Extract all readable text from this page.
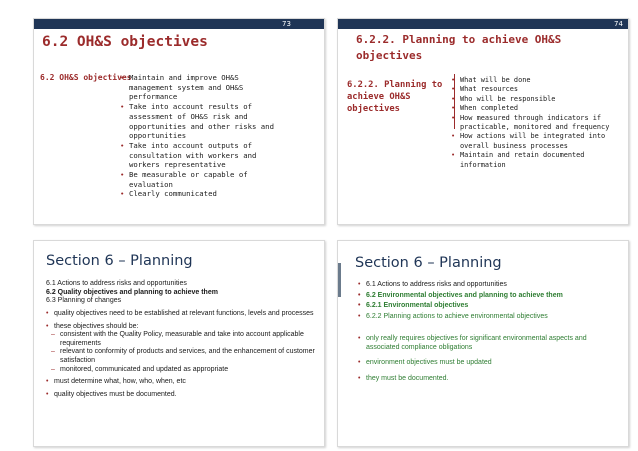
73
6.2 OH&S objectives
6.2 OH&S objectives
• Maintain and improve OH&S management system and OH&S performance
• Take into account results of assessment of OH&S risk and opportunities and other risks and opportunities
• Take into account outputs of consultation with workers and workers representative
• Be measurable or capable of evaluation
• Clearly communicated
74
6.2.2. Planning to achieve OH&S
objectives
6.2.2. Planning to achieve OH&S objectives
• What will be done
• What resources
• Who will be responsible
• When completed
• How measured through indicators if practicable, monitored and frequency
• How actions will be integrated into overall business processes
• Maintain and retain documented information
Section 6 – Planning
6.1 Actions to address risks and opportunities
6.2 Quality objectives and planning to achieve them
6.3 Planning of changes
• quality objectives need to be established at relevant functions, levels and processes
• these objectives should be:
– consistent with the Quality Policy, measurable and take into account applicable requirements
– relevant to conformity of products and services, and the enhancement of customer satisfaction
– monitored, communicated and updated as appropriate
• must determine what, how, who, when, etc
• quality objectives must be documented.
Section 6 – Planning
• 6.1 Actions to address risks and opportunities
• 6.2 Environmental objectives and planning to achieve them
• 6.2.1 Environmental objectives
• 6.2.2 Planning actions to achieve environmental objectives
• only really requires objectives for significant environmental aspects and associated compliance obligations
• environment objectives must be updated
• they must be documented.
